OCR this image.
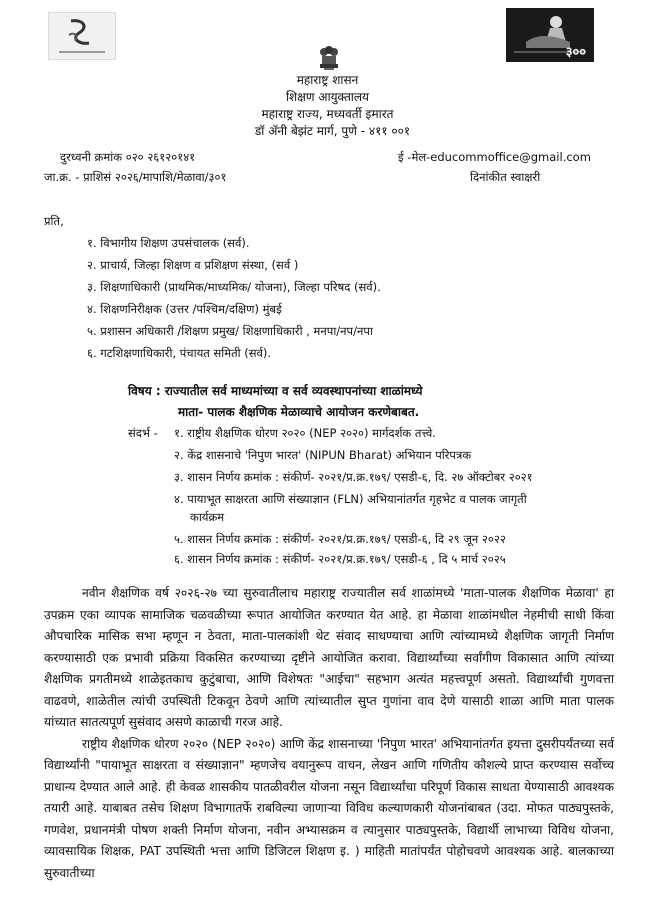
३००
महाराष्ट्र शासन
शिक्षण आयुक्तालय
महाराष्ट्र राज्य, मध्यवर्ती इमारत
डॉ ॲनी बेझंट मार्ग, पुणे - ४११ ००१
दुरध्वनी क्रमांक ०२० २६१२०१४१	ई -मेल-educommoffice@gmail.com
जा.क्र. - प्राशिसं २०२६/मापाशि/मेळावा/३०१	दिनांकीत स्वाक्षरी
प्रति,
१. विभागीय शिक्षण उपसंचालक (सर्व).
२. प्राचार्य, जिल्हा शिक्षण व प्रशिक्षण संस्था, (सर्व )
३. शिक्षणाधिकारी (प्राथमिक/माध्यमिक/ योजना), जिल्हा परिषद (सर्व).
४. शिक्षणनिरीक्षक (उत्तर /पश्चिम/दक्षिण) मुंबई
५. प्रशासन अधिकारी /शिक्षण प्रमुख/ शिक्षणाधिकारी , मनपा/नप/नपा
६. गटशिक्षणाधिकारी, पंचायत समिती (सर्व).
विषय : राज्यातील सर्व माध्यमांच्या व सर्व व्यवस्थापनांच्या शाळांमध्ये
माता- पालक शैक्षणिक मेळाव्याचे आयोजन करणेबाबत.
संदर्भ - १. राष्ट्रीय शैक्षणिक धोरण २०२० (NEP २०२०) मार्गदर्शक तत्त्वे.
२. केंद्र शासनाचे 'निपुण भारत' (NIPUN Bharat) अभियान परिपत्रक
३. शासन निर्णय क्रमांक : संकीर्ण- २०२१/प्र.क्र.१७९/ एसडी-६, दि. २७ ऑक्टोबर २०२१
४. पायाभूत साक्षरता आणि संख्याज्ञान (FLN) अभियानांतर्गत गृहभेट व पालक जागृती
कार्यक्रम
५. शासन निर्णय क्रमांक : संकीर्ण- २०२१/प्र.क्र.१७९/ एसडी-६, दि २९ जून २०२२
६. शासन निर्णय क्रमांक : संकीर्ण- २०२१/प्र.क्र.१७९/ एसडी-६ , दि ५ मार्च २०२५

नवीन शैक्षणिक वर्ष २०२६-२७ च्या सुरुवातीलाच महाराष्ट्र राज्यातील सर्व शाळांमध्ये 'माता-पालक शैक्षणिक मेळावा' हा उपक्रम एका व्यापक सामाजिक चळवळीच्या रूपात आयोजित करण्यात येत आहे. हा मेळावा शाळांमधील नेहमीची साधी किंवा औपचारिक मासिक सभा म्हणून न ठेवता, माता-पालकांशी थेट संवाद साधण्याचा आणि त्यांच्यामध्ये शैक्षणिक जागृती निर्माण करण्यासाठी एक प्रभावी प्रक्रिया विकसित करण्याच्या दृष्टीने आयोजित करावा. विद्यार्थ्यांच्या सर्वांगीण विकासात आणि त्यांच्या शैक्षणिक प्रगतीमध्ये शाळेइतकाच कुटुंबाचा, आणि विशेषतः "आईचा" सहभाग अत्यंत महत्त्वपूर्ण असतो. विद्यार्थ्यांची गुणवत्ता वाढवणे, शाळेतील त्यांची उपस्थिती टिकवून ठेवणे आणि त्यांच्यातील सुप्त गुणांना वाव देणे यासाठी शाळा आणि माता पालक यांच्यात सातत्यपूर्ण सुसंवाद असणे काळाची गरज आहे.

राष्ट्रीय शैक्षणिक धोरण २०२० (NEP २०२०) आणि केंद्र शासनाच्या 'निपुण भारत' अभियानांतर्गत इयत्ता दुसरीपर्यंतच्या सर्व विद्यार्थ्यांनी "पायाभूत साक्षरता व संख्याज्ञान" म्हणजेच वयानुरूप वाचन, लेखन आणि गणितीय कौशल्ये प्राप्त करण्यास सर्वोच्च प्राधान्य देण्यात आले आहे. ही केवळ शासकीय पातळीवरील योजना नसून विद्यार्थ्यांचा परिपूर्ण विकास साधता येण्यासाठी आवश्यक तयारी आहे. याबाबत तसेच शिक्षण विभागातर्फे राबविल्या जाणाऱ्या विविध कल्याणकारी योजनांबाबत (उदा. मोफत पाठ्यपुस्तके, गणवेश, प्रधानमंत्री पोषण शक्ती निर्माण योजना, नवीन अभ्यासक्रम व त्यानुसार पाठ्यपुस्तके, विद्यार्थी लाभाच्या विविध योजना, व्यावसायिक शिक्षक, PAT उपस्थिती भत्ता आणि डिजिटल शिक्षण इ. ) माहिती मातांपर्यंत पोहोचवणे आवश्यक आहे. बालकाच्या सुरुवातीच्या
